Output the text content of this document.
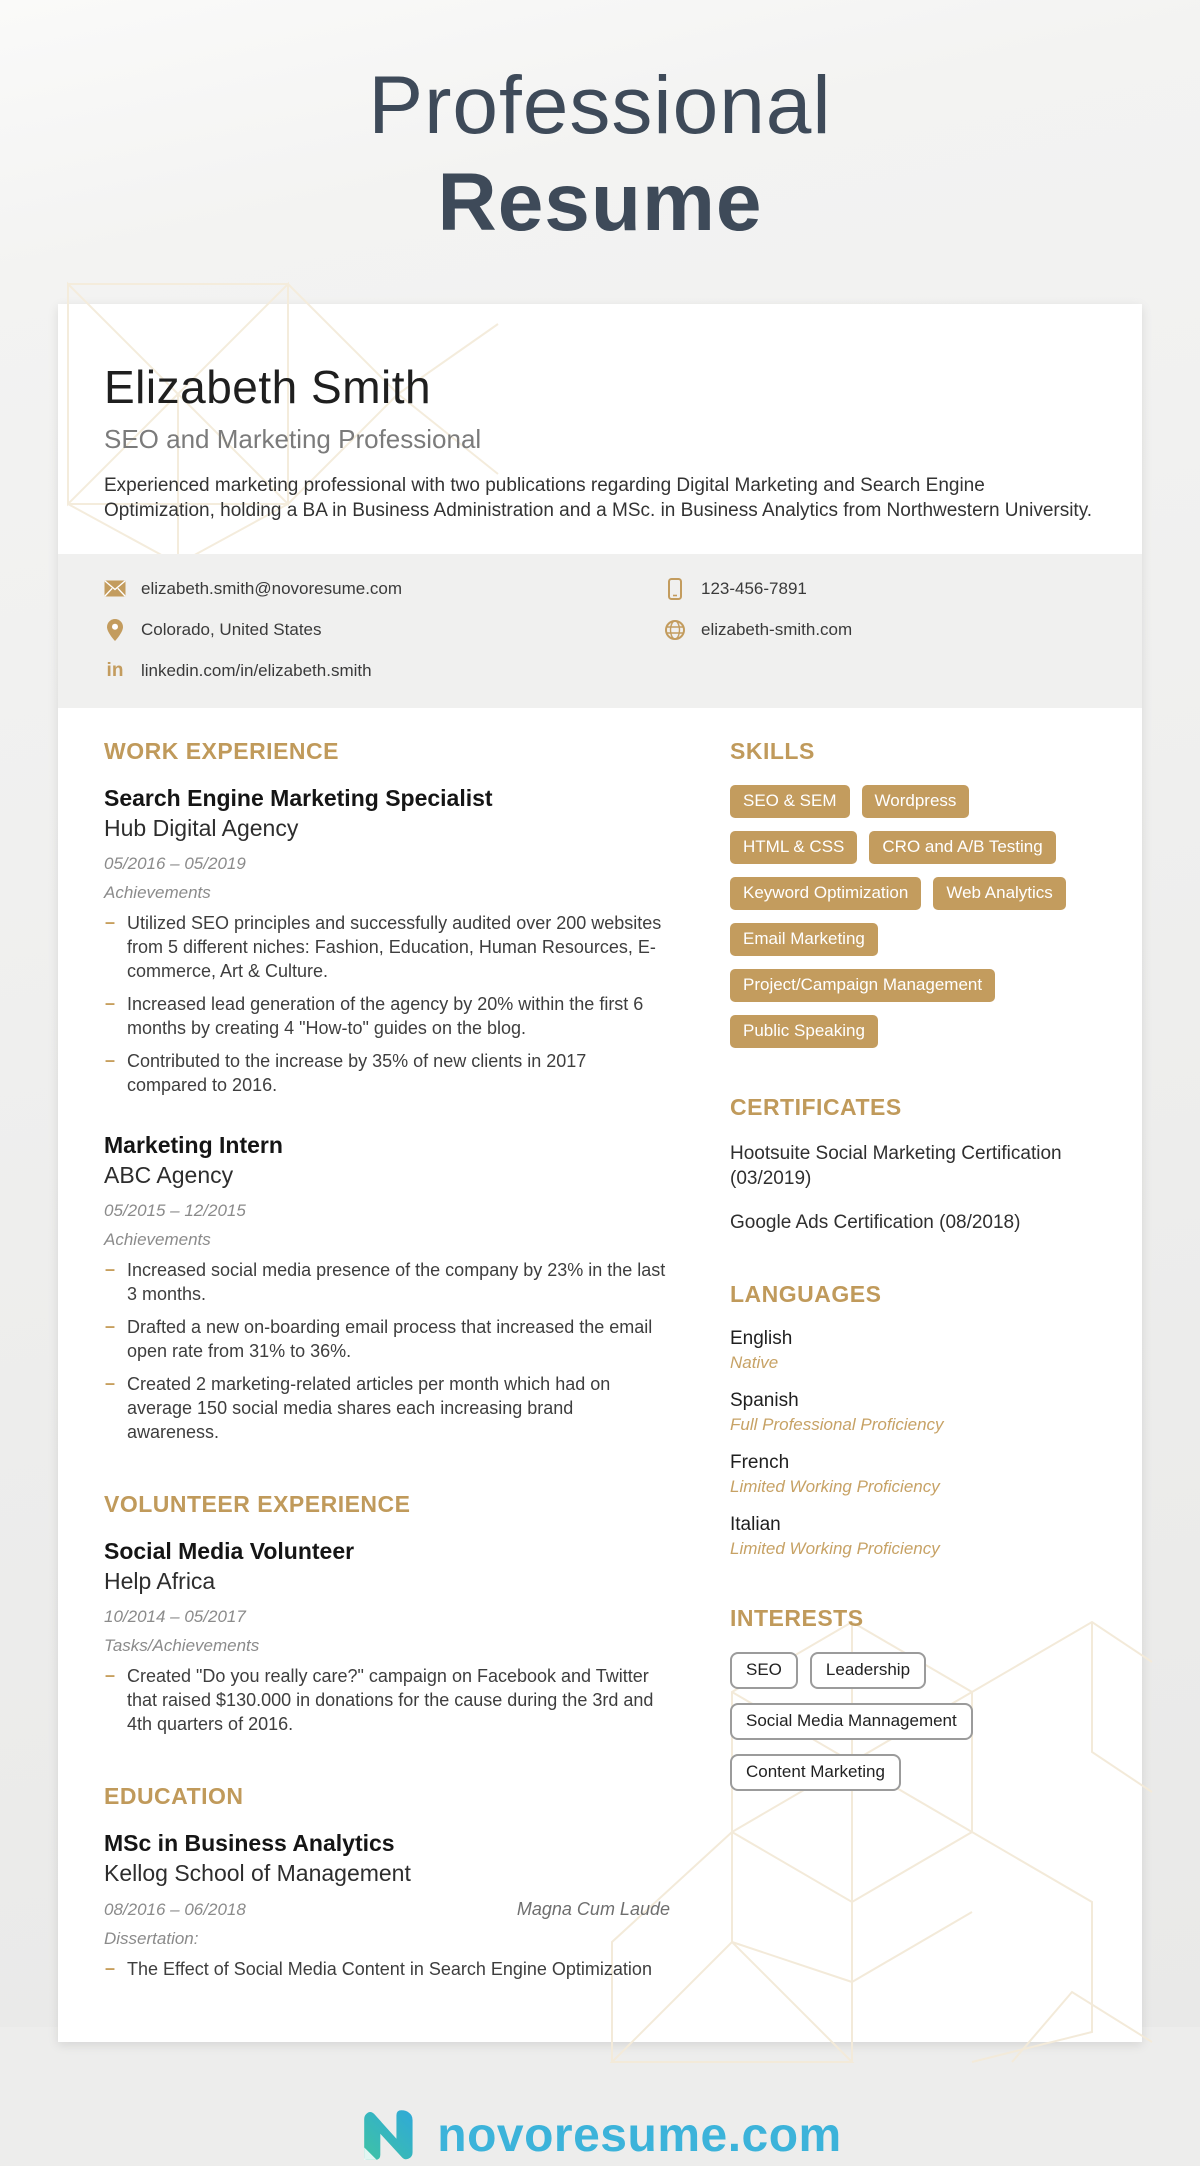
Professional
Resume
Elizabeth Smith
SEO and Marketing Professional
Experienced marketing professional with two publications regarding Digital Marketing and Search Engine Optimization, holding a BA in Business Administration and a MSc. in Business Analytics from Northwestern University.
elizabeth.smith@novoresume.com
Colorado, United States
in linkedin.com/in/elizabeth.smith
123-456-7891
elizabeth-smith.com
WORK EXPERIENCE
Search Engine Marketing Specialist
Hub Digital Agency
05/2016 – 05/2019
Achievements
– Utilized SEO principles and successfully audited over 200 websites from 5 different niches: Fashion, Education, Human Resources, E-commerce, Art & Culture.
– Increased lead generation of the agency by 20% within the first 6 months by creating 4 "How-to" guides on the blog.
– Contributed to the increase by 35% of new clients in 2017 compared to 2016.
Marketing Intern
ABC Agency
05/2015 – 12/2015
Achievements
– Increased social media presence of the company by 23% in the last 3 months.
– Drafted a new on-boarding email process that increased the email open rate from 31% to 36%.
– Created 2 marketing-related articles per month which had on average 150 social media shares each increasing brand awareness.
VOLUNTEER EXPERIENCE
Social Media Volunteer
Help Africa
10/2014 – 05/2017
Tasks/Achievements
– Created "Do you really care?" campaign on Facebook and Twitter that raised $130.000 in donations for the cause during the 3rd and 4th quarters of 2016.
EDUCATION
MSc in Business Analytics
Kellog School of Management
08/2016 – 06/2018	Magna Cum Laude
Dissertation:
– The Effect of Social Media Content in Search Engine Optimization
SKILLS
SEO & SEM	Wordpress
HTML & CSS	CRO and A/B Testing
Keyword Optimization	Web Analytics
Email Marketing
Project/Campaign Management
Public Speaking
CERTIFICATES
Hootsuite Social Marketing Certification (03/2019)
Google Ads Certification (08/2018)
LANGUAGES
English
Native
Spanish
Full Professional Proficiency
French
Limited Working Proficiency
Italian
Limited Working Proficiency
INTERESTS
SEO	Leadership
Social Media Mannagement
Content Marketing
novoresume.com
